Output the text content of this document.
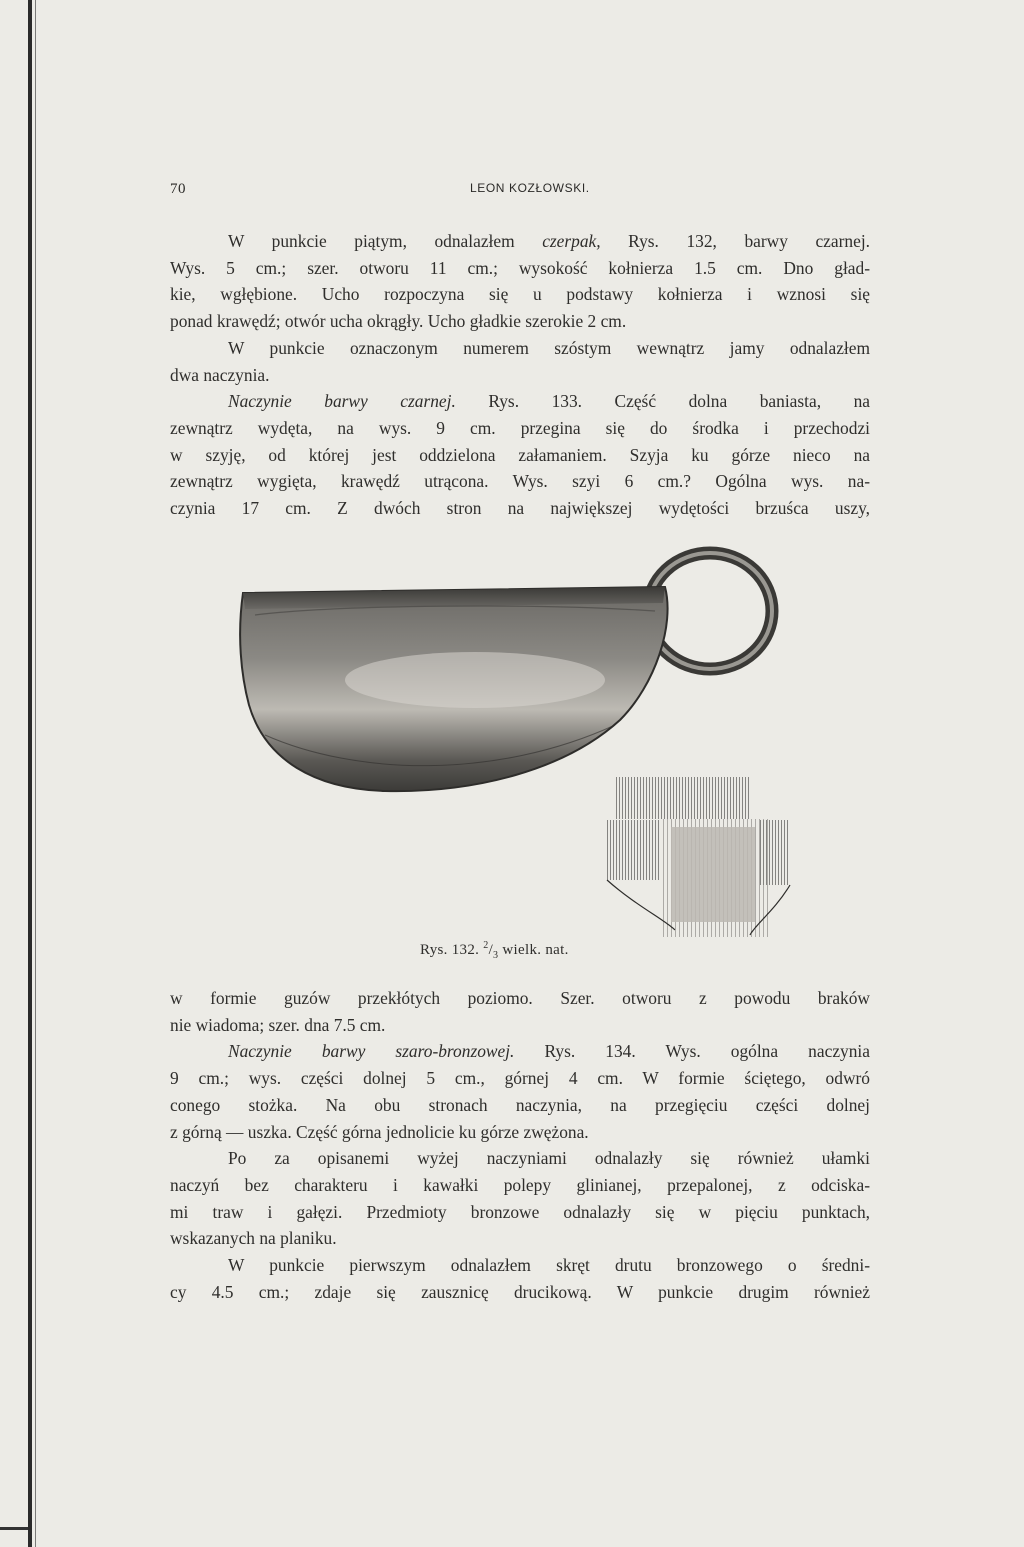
70	LEON KOZŁOWSKI.
W punkcie piątym, odnalazłem czerpak, Rys. 132, barwy czarnej.
Wys. 5 cm.; szer. otworu 11 cm.; wysokość kołnierza 1.5 cm. Dno gład-
kie, wgłębione. Ucho rozpoczyna się u podstawy kołnierza i wznosi się
ponad krawędź; otwór ucha okrągły. Ucho gładkie szerokie 2 cm.
W punkcie oznaczonym numerem szóstym wewnątrz jamy odnalazłem
dwa naczynia.
Naczynie barwy czarnej. Rys. 133. Część dolna baniasta, na
zewnątrz wydęta, na wys. 9 cm. przegina się do środka i przechodzi
w szyję, od której jest oddzielona załamaniem. Szyja ku górze nieco na
zewnątrz wygięta, krawędź utrącona. Wys. szyi 6 cm.? Ogólna wys. na-
czynia 17 cm. Z dwóch stron na największej wydętości brzuśca uszy,
Rys. 132. $^2/_3$ wielk. nat.
w formie guzów przekłótych poziomo. Szer. otworu z powodu braków
nie wiadoma; szer. dna 7.5 cm.
Naczynie barwy szaro-bronzowej. Rys. 134. Wys. ogólna naczynia
9 cm.; wys. części dolnej 5 cm., górnej 4 cm. W formie ściętego, odwró
conego stożka. Na obu stronach naczynia, na przegięciu części dolnej
z górną — uszka. Część górna jednolicie ku górze zwężona.
Po za opisanemi wyżej naczyniami odnalazły się również ułamki
naczyń bez charakteru i kawałki polepy glinianej, przepalonej, z odciska-
mi traw i gałęzi. Przedmioty bronzowe odnalazły się w pięciu punktach,
wskazanych na planiku.
W punkcie pierwszym odnalazłem skręt drutu bronzowego o średni-
cy 4.5 cm.; zdaje się zausznicę drucikową. W punkcie drugim również
